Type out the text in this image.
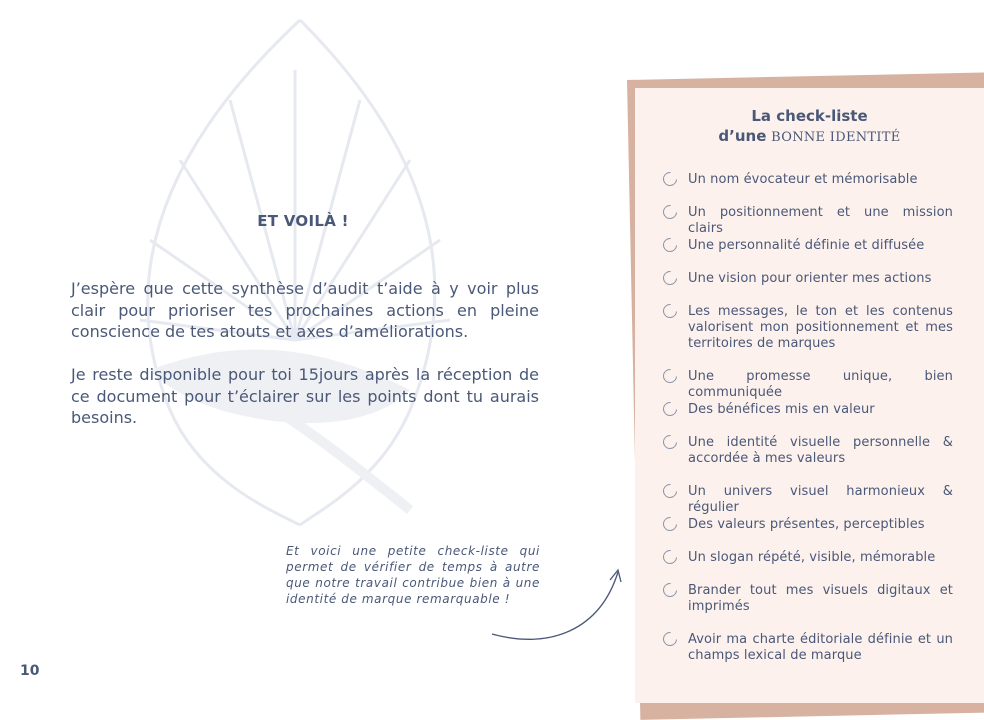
ET VOILÀ !
J’espère que cette synthèse d’audit t’aide à y voir plus clair pour prioriser tes prochaines actions en pleine conscience de tes atouts et axes d’améliorations.
Je reste disponible pour toi 15jours après la réception de ce document pour t’éclairer sur les points dont tu aurais besoins.
Et voici une petite check-liste qui permet de vérifier de temps à autre que notre travail contribue bien à une identité de marque remarquable !
10
La check-liste
d’une BONNE IDENTITÉ
Un nom évocateur et mémorisable
Un positionnement et une mission clairs
Une personnalité définie et diffusée
Une vision pour orienter mes actions
Les messages, le ton et les contenus valorisent mon positionnement et mes territoires de marques
Une promesse unique, bien communiquée
Des bénéfices mis en valeur
Une identité visuelle personnelle & accordée à mes valeurs
Un univers visuel harmonieux & régulier
Des valeurs présentes, perceptibles
Un slogan répété, visible, mémorable
Brander tout mes visuels digitaux et imprimés
Avoir ma charte éditoriale définie et un champs lexical de marque
